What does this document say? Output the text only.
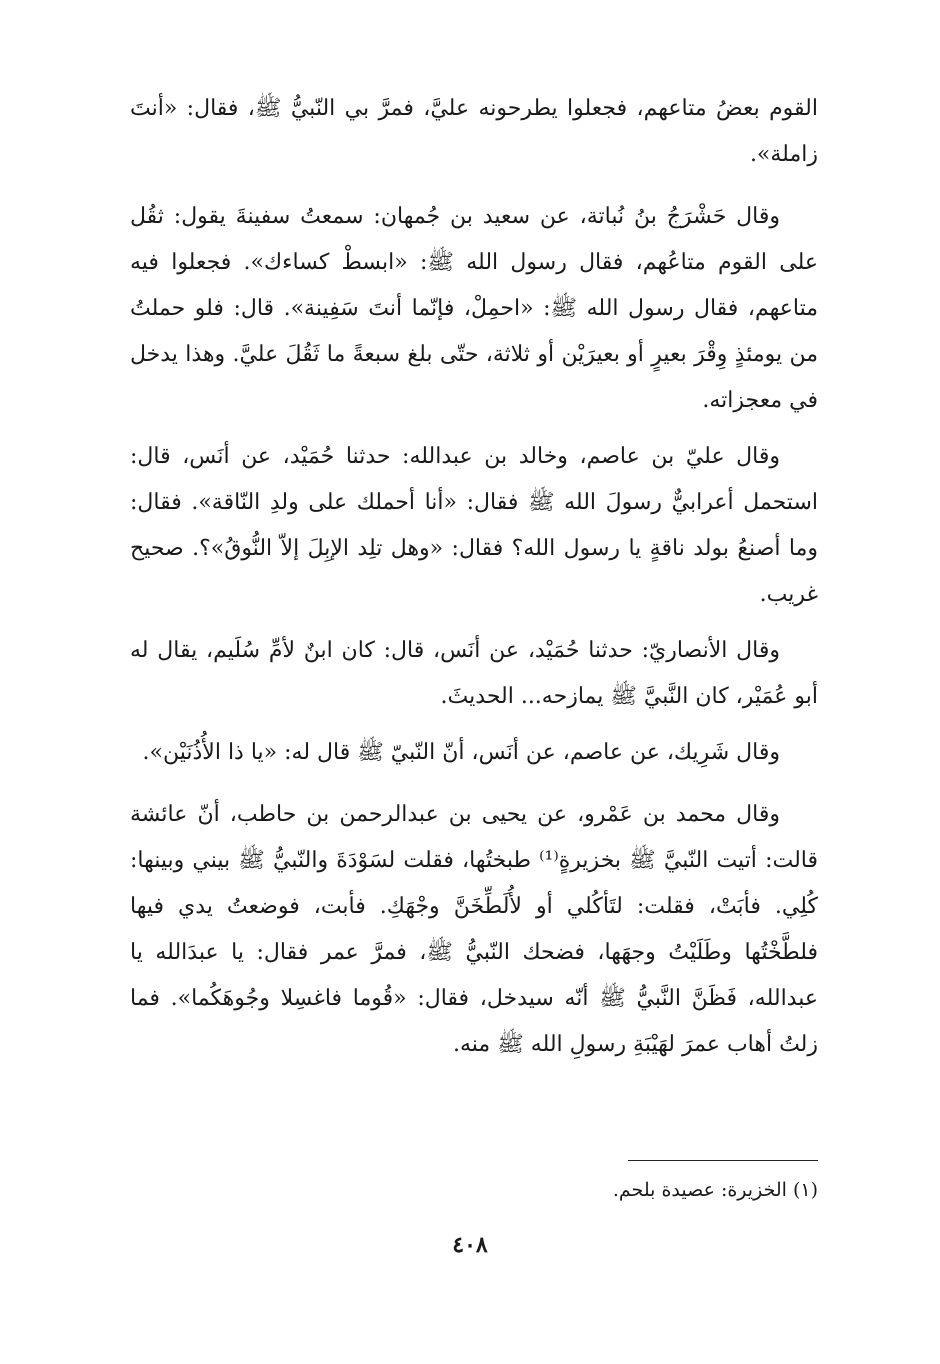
القوم بعضُ متاعهم، فجعلوا يطرحونه عليَّ، فمرَّ بي النّبيُّ ﷺ، فقال: «أنتَ زاملة».

وقال حَشْرَجُ بنُ نُباتة، عن سعيد بن جُمهان: سمعتُ سفينةَ يقول: ثقُل على القوم متاعُهم، فقال رسول الله ﷺ: «ابسطْ كساءك». فجعلوا فيه متاعهم، فقال رسول الله ﷺ: «احمِلْ، فإنّما أنتَ سَفِينة». قال: فلو حملتُ من يومئذٍ وِقْرَ بعيرٍ أو بعيرَيْن أو ثلاثة، حتّى بلغ سبعةً ما ثَقُلَ عليَّ. وهذا يدخل في معجزاته.

وقال عليّ بن عاصم، وخالد بن عبدالله: حدثنا حُمَيْد، عن أنَس، قال: استحمل أعرابيٌّ رسولَ الله ﷺ فقال: «أنا أحملك على ولدِ النّاقة». فقال: وما أصنعُ بولد ناقةٍ يا رسول الله؟ فقال: «وهل تلِد الإبِلَ إلاّ النُّوقُ»؟. صحيح غريب.

وقال الأنصاريّ: حدثنا حُمَيْد، عن أنَس، قال: كان ابنٌ لأمِّ سُلَيم، يقال له أبو عُمَيْر، كان النَّبيَّ ﷺ يمازحه... الحديثَ.

وقال شَرِيك، عن عاصم، عن أنَس، أنّ النّبيّ ﷺ قال له: «يا ذا الأُذُنَيْن».

وقال محمد بن عَمْرو، عن يحيى بن عبدالرحمن بن حاطب، أنّ عائشة قالت: أتيت النّبيَّ ﷺ بخزيرةٍ⁽¹⁾ طبختُها، فقلت لسَوْدَةَ والنّبيُّ ﷺ بيني وبينها: كُلِي. فأبَتْ، فقلت: لتَأكُلي أو لأُلَطِّخَنَّ وجْهَكِ. فأبت، فوضعتُ يدي فيها فلطَّخْتُها وطَلَيْتُ وجهَها، فضحك النّبيُّ ﷺ، فمرَّ عمر فقال: يا عبدَالله يا عبدالله، فَظَنَّ النَّبيُّ ﷺ أنّه سيدخل، فقال: «قُوما فاغسِلا وجُوهَكُما». فما زلتُ أهاب عمرَ لهَيْبَةِ رسولِ الله ﷺ منه.

(١) الخزيرة: عصيدة بلحم.
٤٠٨
